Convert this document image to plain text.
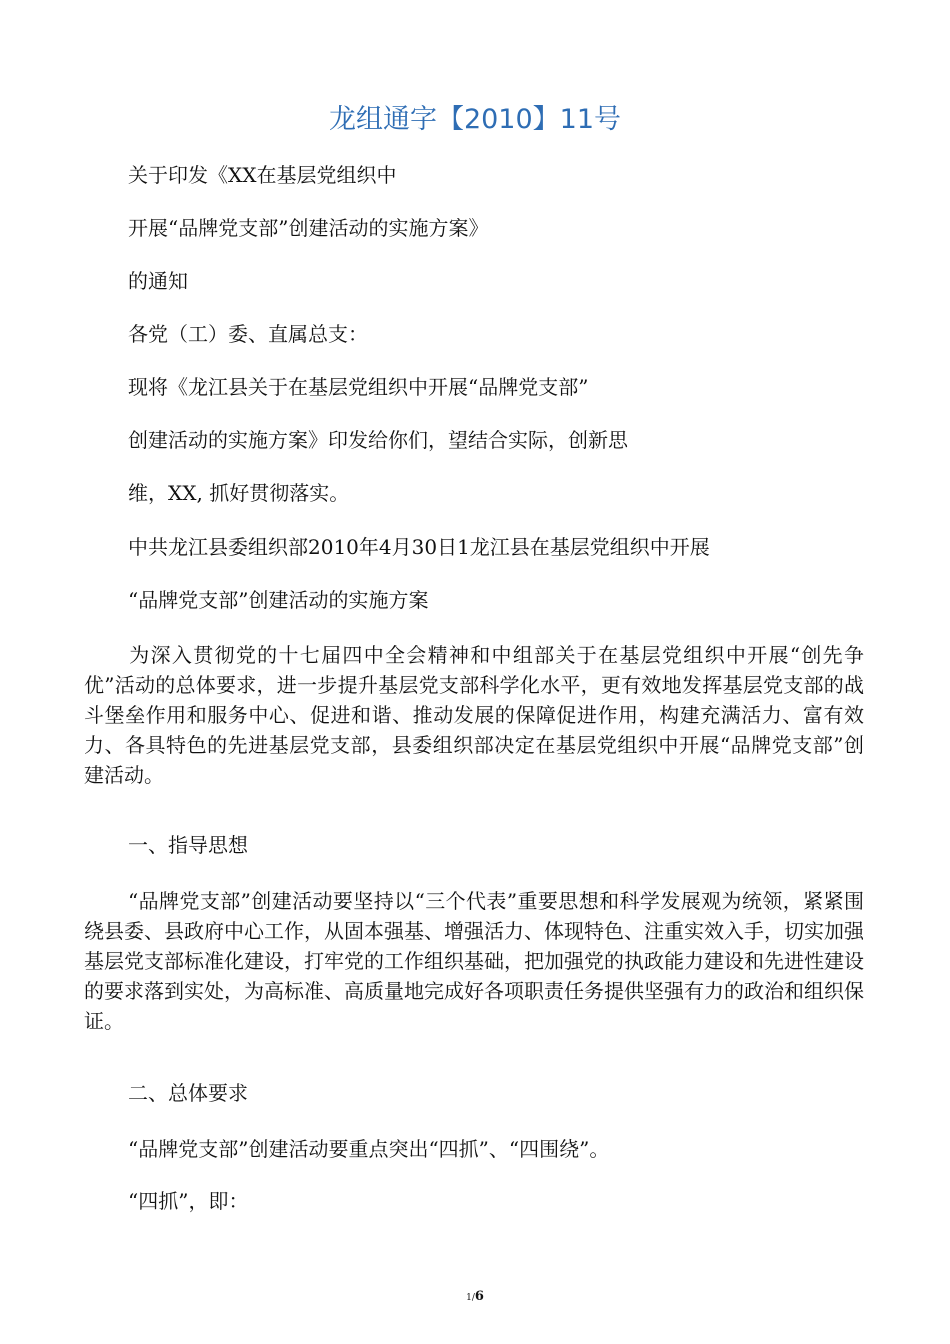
龙组通字【2010】11号

关于印发《XX在基层党组织中

开展“品牌党支部”创建活动的实施方案》

的通知

各党（工）委、直属总支：

现将《龙江县关于在基层党组织中开展“品牌党支部”

创建活动的实施方案》印发给你们，望结合实际，创新思

维，XX, 抓好贯彻落实。

中共龙江县委组织部2010年4月30日1龙江县在基层党组织中开展

“品牌党支部”创建活动的实施方案

为深入贯彻党的十七届四中全会精神和中组部关于在基层党组织中开展“创先争优”活动的总体要求，进一步提升基层党支部科学化水平，更有效地发挥基层党支部的战斗堡垒作用和服务中心、促进和谐、推动发展的保障促进作用，构建充满活力、富有效力、各具特色的先进基层党支部，县委组织部决定在基层党组织中开展“品牌党支部”创建活动。

一、指导思想

“品牌党支部”创建活动要坚持以“三个代表”重要思想和科学发展观为统领，紧紧围绕县委、县政府中心工作，从固本强基、增强活力、体现特色、注重实效入手，切实加强基层党支部标准化建设，打牢党的工作组织基础，把加强党的执政能力建设和先进性建设的要求落到实处，为高标准、高质量地完成好各项职责任务提供坚强有力的政治和组织保证。

二、总体要求

“品牌党支部”创建活动要重点突出“四抓”、“四围绕”。

“四抓”，即：

1/6
